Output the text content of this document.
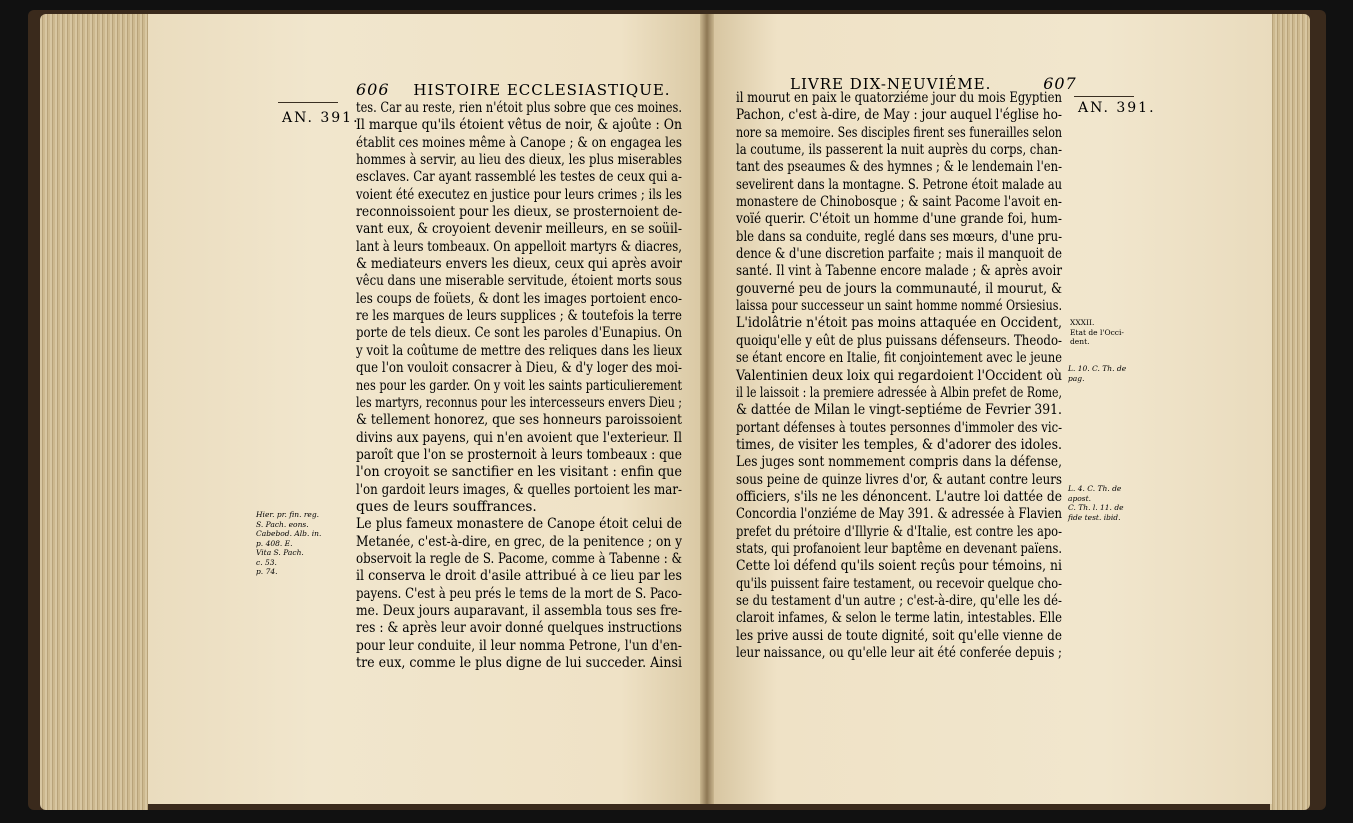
606 HISTOIRE ECCLESIASTIQUE.
AN. 391.
Hier. pr. fin. reg.
S. Pach. eons.
Cabebod. Alb. in.
p. 408. E.
Vita S. Pach.
c. 53.
p. 74.
tes. Car au reste, rien n'étoit plus sobre que ces moines.
Il marque qu'ils étoient vêtus de noir, & ajoûte : On
établit ces moines même à Canope ; & on engagea les
hommes à servir, au lieu des dieux, les plus miserables
esclaves. Car ayant rassemblé les testes de ceux qui a-
voient été executez en justice pour leurs crimes ; ils les
reconnoissoient pour les dieux, se prosternoient de-
vant eux, & croyoient devenir meilleurs, en se soüil-
lant à leurs tombeaux. On appelloit martyrs & diacres,
& mediateurs envers les dieux, ceux qui après avoir
vêcu dans une miserable servitude, étoient morts sous
les coups de foüets, & dont les images portoient enco-
re les marques de leurs supplices ; & toutefois la terre
porte de tels dieux. Ce sont les paroles d'Eunapius. On
y voit la coûtume de mettre des reliques dans les lieux
que l'on vouloit consacrer à Dieu, & d'y loger des moi-
nes pour les garder. On y voit les saints particulierement
les martyrs, reconnus pour les intercesseurs envers Dieu ;
& tellement honorez, que ses honneurs paroissoient
divins aux payens, qui n'en avoient que l'exterieur. Il
paroît que l'on se prosternoit à leurs tombeaux : que
l'on croyoit se sanctifier en les visitant : enfin que
l'on gardoit leurs images, & quelles portoient les mar-
ques de leurs souffrances.
Le plus fameux monastere de Canope étoit celui de
Metanée, c'est-à-dire, en grec, de la penitence ; on y
observoit la regle de S. Pacome, comme à Tabenne : &
il conserva le droit d'asile attribué à ce lieu par les
payens. C'est à peu prés le tems de la mort de S. Paco-
me. Deux jours auparavant, il assembla tous ses fre-
res : & après leur avoir donné quelques instructions
pour leur conduite, il leur nomma Petrone, l'un d'en-
tre eux, comme le plus digne de lui succeder. Ainsi
LIVRE DIX-NEUVIÉME.	607
AN. 391.
XXXII.
Etat de l'Occi-
dent.
L. 10. C. Th. de
pag.
L. 4. C. Th. de
apost.
C. Th. l. 11. de
fide test. ibid.
il mourut en paix le quatorziéme jour du mois Egyptien
Pachon, c'est à-dire, de May : jour auquel l'église ho-
nore sa memoire. Ses disciples firent ses funerailles selon
la coutume, ils passerent la nuit auprès du corps, chan-
tant des pseaumes & des hymnes ; & le lendemain l'en-
sevelirent dans la montagne. S. Petrone étoit malade au
monastere de Chinobosque ; & saint Pacome l'avoit en-
voïé querir. C'étoit un homme d'une grande foi, hum-
ble dans sa conduite, reglé dans ses mœurs, d'une pru-
dence & d'une discretion parfaite ; mais il manquoit de
santé. Il vint à Tabenne encore malade ; & après avoir
gouverné peu de jours la communauté, il mourut, &
laissa pour successeur un saint homme nommé Orsiesius.
L'idolâtrie n'étoit pas moins attaquée en Occident,
quoiqu'elle y eût de plus puissans défenseurs. Theodo-
se étant encore en Italie, fit conjointement avec le jeune
Valentinien deux loix qui regardoient l'Occident où
il le laissoit : la premiere adressée à Albin prefet de Rome,
& dattée de Milan le vingt-septiéme de Fevrier 391.
portant défenses à toutes personnes d'immoler des vic-
times, de visiter les temples, & d'adorer des idoles.
Les juges sont nommement compris dans la défense,
sous peine de quinze livres d'or, & autant contre leurs
officiers, s'ils ne les dénoncent. L'autre loi dattée de
Concordia l'onziéme de May 391. & adressée à Flavien
prefet du prétoire d'Illyrie & d'Italie, est contre les apo-
stats, qui profanoient leur baptême en devenant païens.
Cette loi défend qu'ils soient reçûs pour témoins, ni
qu'ils puissent faire testament, ou recevoir quelque cho-
se du testament d'un autre ; c'est-à-dire, qu'elle les dé-
claroit infames, & selon le terme latin, intestables. Elle
les prive aussi de toute dignité, soit qu'elle vienne de
leur naissance, ou qu'elle leur ait été conferée depuis ;
